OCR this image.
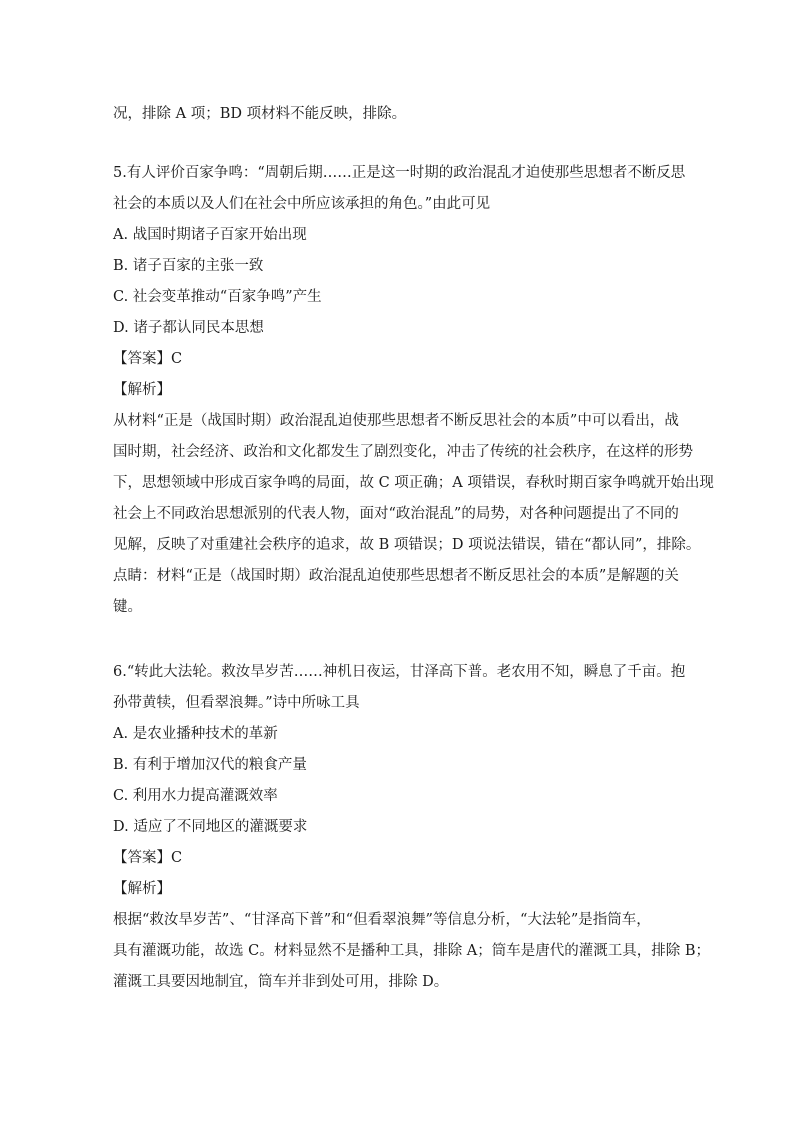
况，排除 A 项；BD 项材料不能反映，排除。
5.有人评价百家争鸣：“周朝后期……正是这一时期的政治混乱才迫使那些思想者不断反思
社会的本质以及人们在社会中所应该承担的角色。”由此可见
A. 战国时期诸子百家开始出现
B. 诸子百家的主张一致
C. 社会变革推动“百家争鸣”产生
D. 诸子都认同民本思想
【答案】C
【解析】
从材料“正是（战国时期）政治混乱迫使那些思想者不断反思社会的本质”中可以看出，战
国时期，社会经济、政治和文化都发生了剧烈变化，冲击了传统的社会秩序，在这样的形势
下，思想领域中形成百家争鸣的局面，故 C 项正确；A 项错误，春秋时期百家争鸣就开始出现
社会上不同政治思想派别的代表人物，面对“政治混乱”的局势，对各种问题提出了不同的
见解，反映了对重建社会秩序的追求，故 B 项错误；D 项说法错误，错在“都认同”，排除。
点睛：材料“正是（战国时期）政治混乱迫使那些思想者不断反思社会的本质”是解题的关
键。
6.“转此大法轮。救汝旱岁苦……神机日夜运，甘泽高下普。老农用不知，瞬息了千亩。抱
孙带黄犊，但看翠浪舞。”诗中所咏工具
A. 是农业播种技术的革新
B. 有利于增加汉代的粮食产量
C. 利用水力提高灌溉效率
D. 适应了不同地区的灌溉要求
【答案】C
【解析】
根据“救汝旱岁苦”、“甘泽高下普”和“但看翠浪舞”等信息分析，“大法轮”是指筒车，
具有灌溉功能，故选 C。材料显然不是播种工具，排除 A；筒车是唐代的灌溉工具，排除 B；
灌溉工具要因地制宜，筒车并非到处可用，排除 D。
